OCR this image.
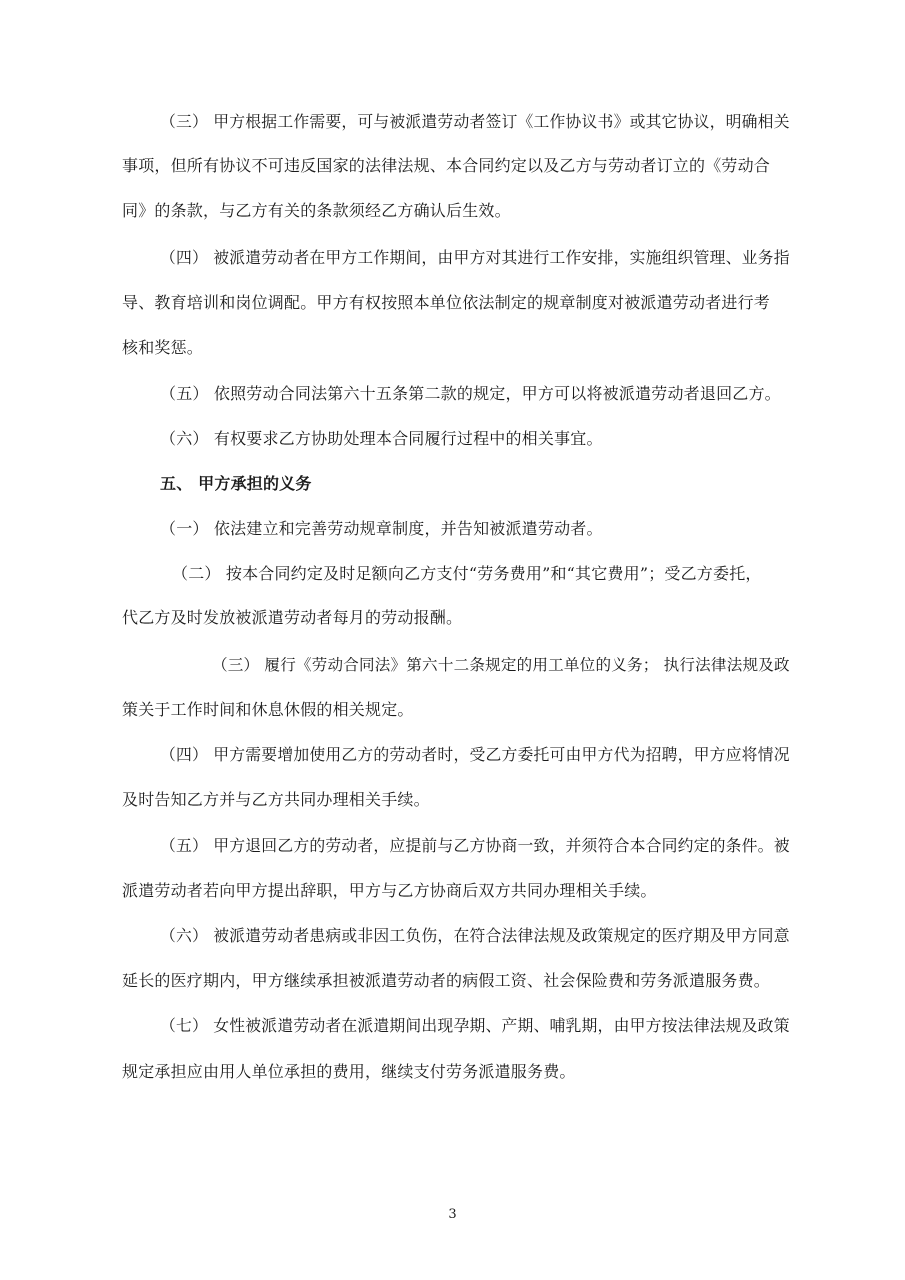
（三） 甲方根据工作需要，可与被派遣劳动者签订《工作协议书》或其它协议，明确相关
事项，但所有协议不可违反国家的法律法规、本合同约定以及乙方与劳动者订立的《劳动合
同》的条款，与乙方有关的条款须经乙方确认后生效。
（四） 被派遣劳动者在甲方工作期间，由甲方对其进行工作安排，实施组织管理、业务指
导、教育培训和岗位调配。甲方有权按照本单位依法制定的规章制度对被派遣劳动者进行考
核和奖惩。
（五） 依照劳动合同法第六十五条第二款的规定，甲方可以将被派遣劳动者退回乙方。
（六） 有权要求乙方协助处理本合同履行过程中的相关事宜。
五、 甲方承担的义务
（一） 依法建立和完善劳动规章制度，并告知被派遣劳动者。
（二） 按本合同约定及时足额向乙方支付“劳务费用”和“其它费用”；受乙方委托，
代乙方及时发放被派遣劳动者每月的劳动报酬。
（三） 履行《劳动合同法》第六十二条规定的用工单位的义务； 执行法律法规及政
策关于工作时间和休息休假的相关规定。
（四） 甲方需要增加使用乙方的劳动者时，受乙方委托可由甲方代为招聘，甲方应将情况
及时告知乙方并与乙方共同办理相关手续。
（五） 甲方退回乙方的劳动者，应提前与乙方协商一致，并须符合本合同约定的条件。被
派遣劳动者若向甲方提出辞职，甲方与乙方协商后双方共同办理相关手续。
（六） 被派遣劳动者患病或非因工负伤，在符合法律法规及政策规定的医疗期及甲方同意
延长的医疗期内，甲方继续承担被派遣劳动者的病假工资、社会保险费和劳务派遣服务费。
（七） 女性被派遣劳动者在派遣期间出现孕期、产期、哺乳期，由甲方按法律法规及政策
规定承担应由用人单位承担的费用，继续支付劳务派遣服务费。
3
